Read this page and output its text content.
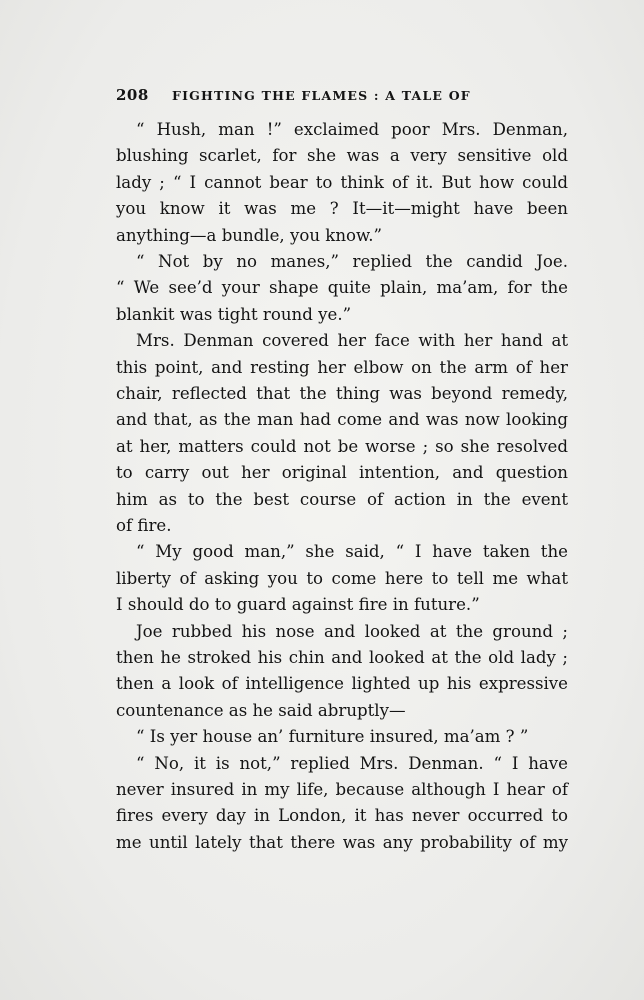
208 FIGHTING THE FLAMES : A TALE OF
“ Hush, man !” exclaimed poor Mrs. Denman,
blushing scarlet, for she was a very sensitive old
lady ; “ I cannot bear to think of it. But how could
you know it was me ? It—it—might have been
anything—a bundle, you know.”
“ Not by no manes,” replied the candid Joe.
“ We see’d your shape quite plain, ma’am, for the
blankit was tight round ye.”
Mrs. Denman covered her face with her hand at
this point, and resting her elbow on the arm of her
chair, reflected that the thing was beyond remedy,
and that, as the man had come and was now looking
at her, matters could not be worse ; so she resolved
to carry out her original intention, and question
him as to the best course of action in the event
of fire.
“ My good man,” she said, “ I have taken the
liberty of asking you to come here to tell me what
I should do to guard against fire in future.”
Joe rubbed his nose and looked at the ground ;
then he stroked his chin and looked at the old lady ;
then a look of intelligence lighted up his expressive
countenance as he said abruptly—
“ Is yer house an’ furniture insured, ma’am ? ”
“ No, it is not,” replied Mrs. Denman. “ I have
never insured in my life, because although I hear of
fires every day in London, it has never occurred to
me until lately that there was any probability of my
